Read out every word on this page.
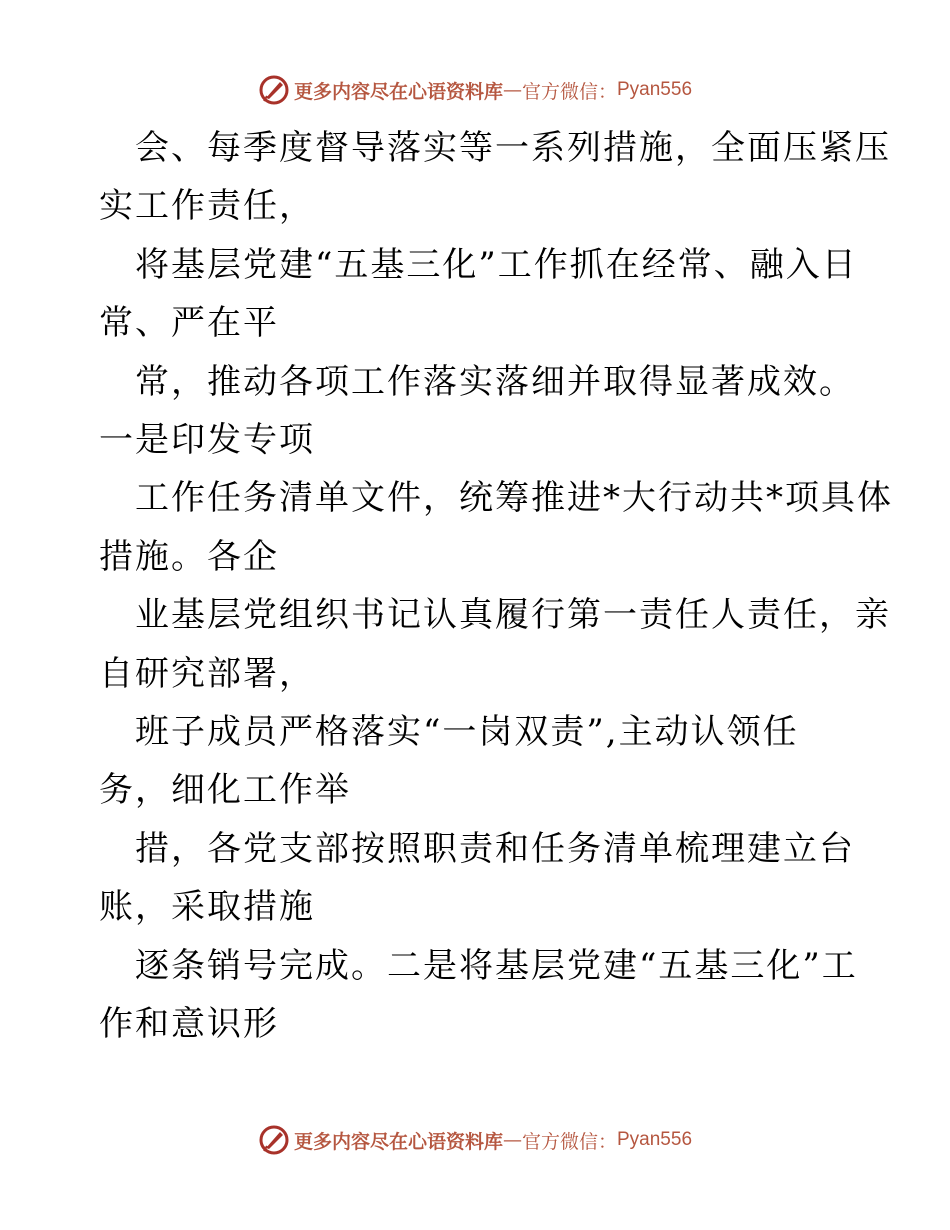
更多内容尽在心语资料库 — 官方微信： Pyan556
会、每季度督导落实等一系列措施，全面压紧压
实工作责任，
将基层党建“五基三化”工作抓在经常、融入日
常、严在平
常，推动各项工作落实落细并取得显著成效。
一是印发专项
工作任务清单文件，统筹推进*大行动共*项具体
措施。各企
业基层党组织书记认真履行第一责任人责任，亲
自研究部署，
班子成员严格落实“一岗双责”,主动认领任
务，细化工作举
措，各党支部按照职责和任务清单梳理建立台
账，采取措施
逐条销号完成。二是将基层党建“五基三化”工
作和意识形
更多内容尽在心语资料库 — 官方微信： Pyan556
